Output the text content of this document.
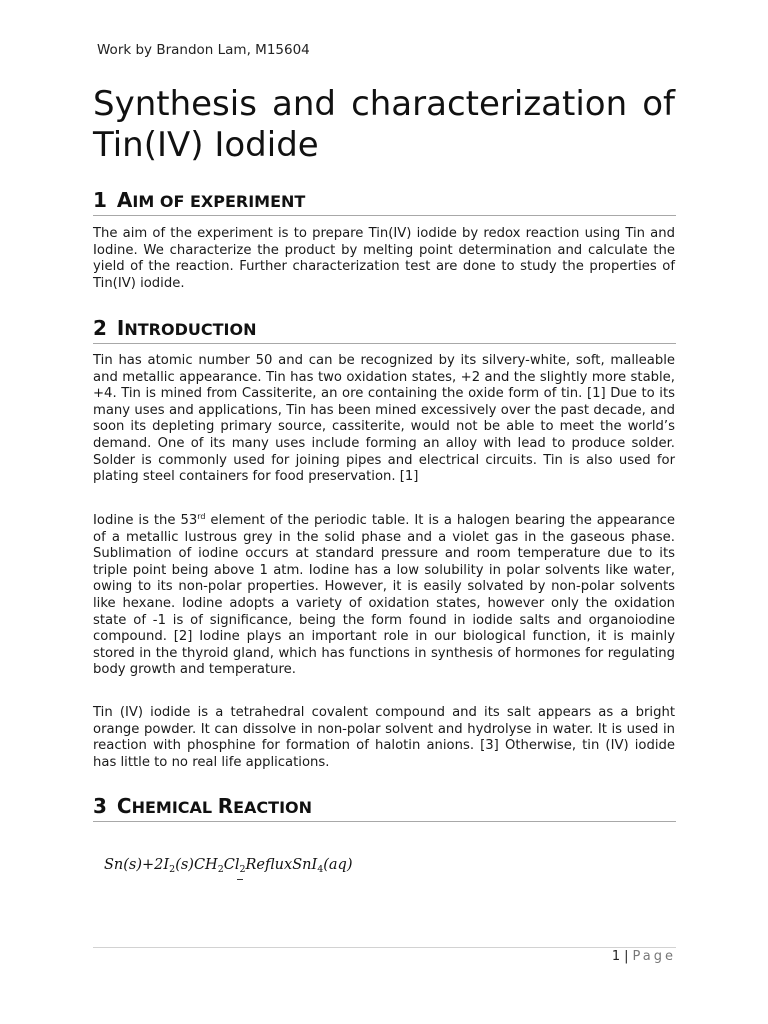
Work by Brandon Lam, M15604
Synthesis and characterization of Tin(IV) Iodide
1 AIM OF EXPERIMENT

The aim of the experiment is to prepare Tin(IV) iodide by redox reaction using Tin and Iodine. We characterize the product by melting point determination and calculate the yield of the reaction. Further characterization test are done to study the properties of Tin(IV) iodide.

2 INTRODUCTION

Tin has atomic number 50 and can be recognized by its silvery-white, soft, malleable and metallic appearance. Tin has two oxidation states, +2 and the slightly more stable, +4. Tin is mined from Cassiterite, an ore containing the oxide form of tin. [1] Due to its many uses and applications, Tin has been mined excessively over the past decade, and soon its depleting primary source, cassiterite, would not be able to meet the world’s demand. One of its many uses include forming an alloy with lead to produce solder. Solder is commonly used for joining pipes and electrical circuits. Tin is also used for plating steel containers for food preservation. [1]

Iodine is the 53rd element of the periodic table. It is a halogen bearing the appearance of a metallic lustrous grey in the solid phase and a violet gas in the gaseous phase. Sublimation of iodine occurs at standard pressure and room temperature due to its triple point being above 1 atm. Iodine has a low solubility in polar solvents like water, owing to its non-polar properties. However, it is easily solvated by non-polar solvents like hexane. Iodine adopts a variety of oxidation states, however only the oxidation state of -1 is of significance, being the form found in iodide salts and organoiodine compound. [2] Iodine plays an important role in our biological function, it is mainly stored in the thyroid gland, which has functions in synthesis of hormones for regulating body growth and temperature.

Tin (IV) iodide is a tetrahedral covalent compound and its salt appears as a bright orange powder. It can dissolve in non-polar solvent and hydrolyse in water. It is used in reaction with phosphine for formation of halotin anions. [3] Otherwise, tin (IV) iodide has little to no real life applications.

3 CHEMICAL REACTION
$Sn(s)+2I_2(s)CH_2Cl_2RefluxSnI_4(aq)$
1 | Page
